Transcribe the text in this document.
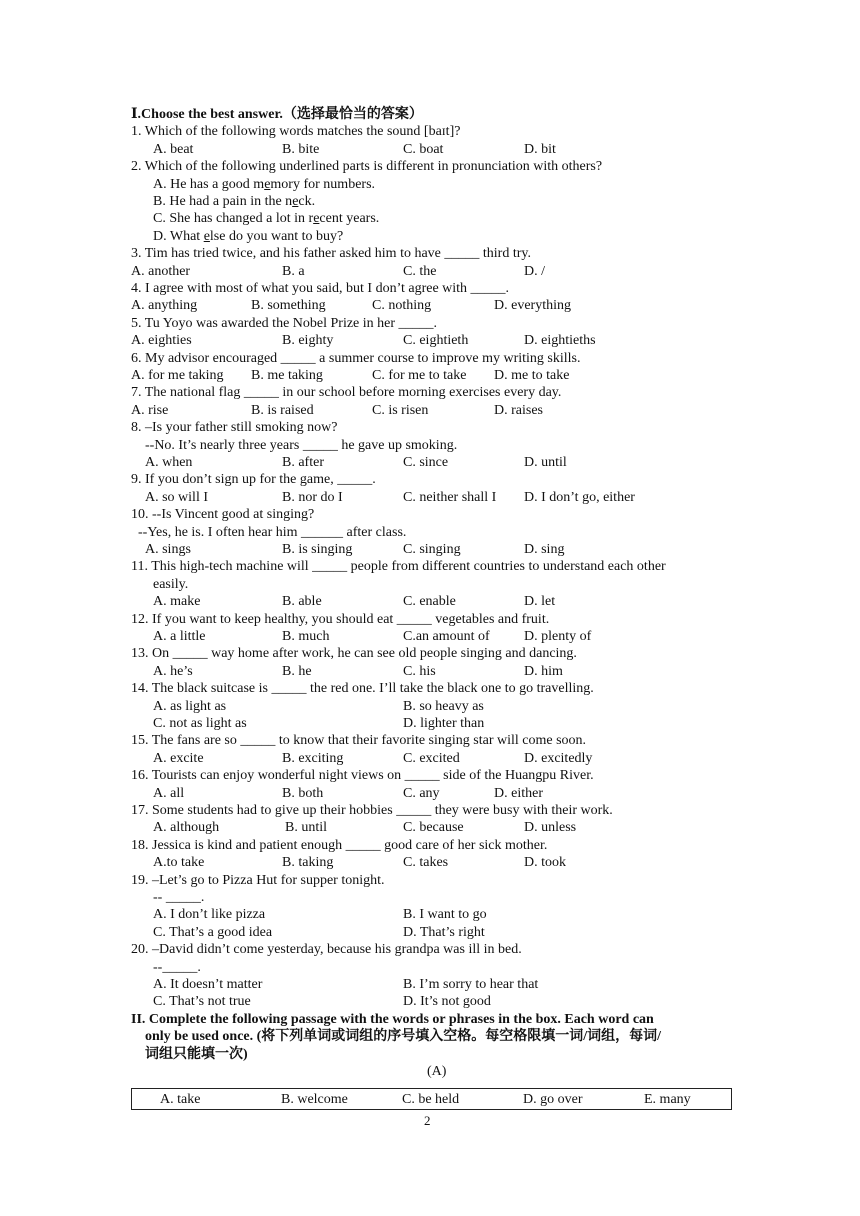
Ⅰ.Choose the best answer.（选择最恰当的答案）
1. Which of the following words matches the sound [baɪt]?
A. beat	B. bite	C. boat	D. bit
2. Which of the following underlined parts is different in pronunciation with others?
A. He has a good memory for numbers.
B. He had a pain in the neck.
C. She has changed a lot in recent years.
D. What else do you want to buy?
3. Tim has tried twice, and his father asked him to have _____ third try.
A. another	B. a	C. the	D. /
4. I agree with most of what you said, but I don’t agree with _____.
A. anything	B. something	C. nothing	D. everything
5. Tu Yoyo was awarded the Nobel Prize in her _____.
A. eighties	B. eighty	C. eightieth	D. eightieths
6. My advisor encouraged _____ a summer course to improve my writing skills.
A. for me taking B. me taking	C. for me to take D. me to take
7. The national flag _____ in our school before morning exercises every day.
A. rise	B. is raised	C. is risen	D. raises
8. –Is your father still smoking now?
--No. It’s nearly three years _____ he gave up smoking.
A. when	B. after	C. since	D. until
9. If you don’t sign up for the game, _____.
A. so will I	B. nor do I	C. neither shall I D. I don’t go, either
10. --Is Vincent good at singing?
--Yes, he is. I often hear him ______ after class.
A. sings	B. is singing	C. singing	D. sing
11. This high-tech machine will _____ people from different countries to understand each other
easily.
A. make	B. able	C. enable	D. let
12. If you want to keep healthy, you should eat _____ vegetables and fruit.
A. a little	B. much	C.an amount of D. plenty of
13. On _____ way home after work, he can see old people singing and dancing.
A. he’s	B. he	C. his	D. him
14. The black suitcase is _____ the red one. I’ll take the black one to go travelling.
A. as light as	B. so heavy as
C. not as light as	D. lighter than
15. The fans are so _____ to know that their favorite singing star will come soon.
A. excite	B. exciting	C. excited	D. excitedly
16. Tourists can enjoy wonderful night views on _____ side of the Huangpu River.
A. all	B. both	C. any	D. either
17. Some students had to give up their hobbies _____ they were busy with their work.
A. although	B. until	C. because	D. unless
18. Jessica is kind and patient enough _____ good care of her sick mother.
A.to take	B. taking	C. takes	D. took
19. –Let’s go to Pizza Hut for supper tonight.
-- _____.
A. I don’t like pizza	B. I want to go
C. That’s a good idea	D. That’s right
20. –David didn’t come yesterday, because his grandpa was ill in bed.
--_____.
A. It doesn’t matter	B. I’m sorry to hear that
C. That’s not true	D. It’s not good
II. Complete the following passage with the words or phrases in the box. Each word can
only be used once. (将下列单词或词组的序号填入空格。每空格限填一词/词组，每词/
词组只能填一次)
(A)
A. take	B. welcome	C. be held	D. go over	E. many
2
